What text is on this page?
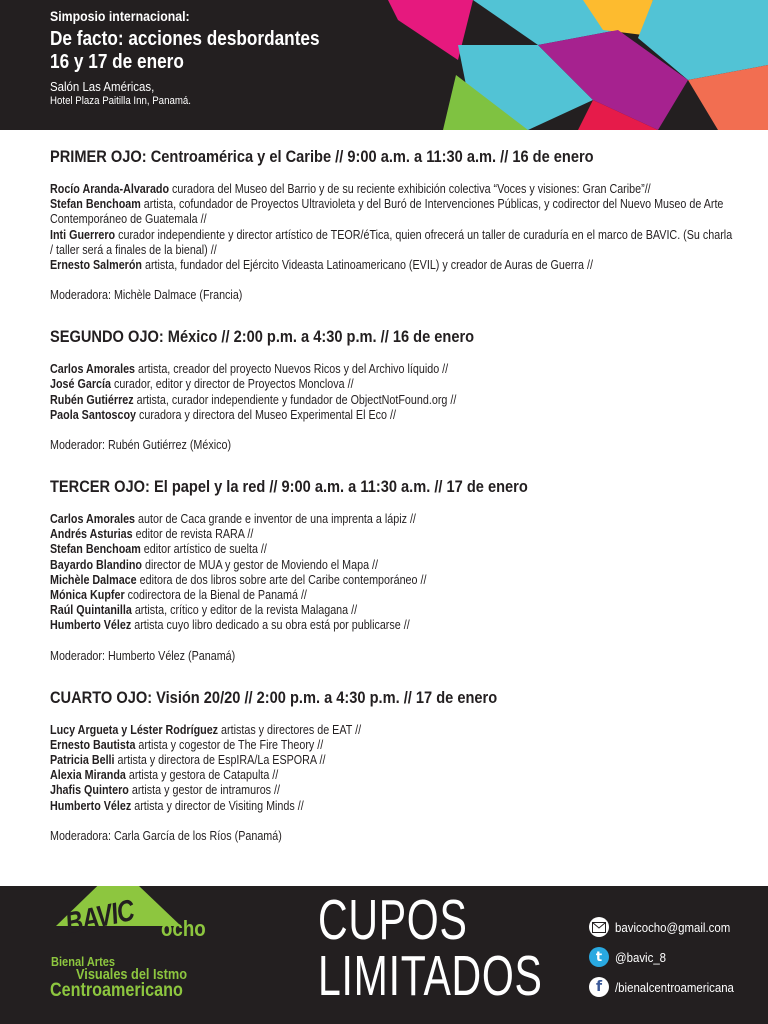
Simposio internacional:
De facto: acciones desbordantes
16 y 17 de enero
Salón Las Américas,
Hotel Plaza Paitilla Inn, Panamá.
PRIMER OJO: Centroamérica y el Caribe // 9:00 a.m. a 11:30 a.m. // 16 de enero

Rocío Aranda-Alvarado curadora del Museo del Barrio y de su reciente exhibición colectiva “Voces y visiones: Gran Caribe”//

Stefan Benchoam artista, cofundador de Proyectos Ultravioleta y del Buró de Intervenciones Públicas, y codirector del Nuevo Museo de Arte Contemporáneo de Guatemala //

Inti Guerrero curador independiente y director artístico de TEOR/éTica, quien ofrecerá un taller de curaduría en el marco de BAVIC. (Su charla / taller será a finales de la bienal) //

Ernesto Salmerón artista, fundador del Ejército Videasta Latinoamericano (EVIL) y creador de Auras de Guerra //

Moderadora: Michèle Dalmace (Francia)
SEGUNDO OJO: México // 2:00 p.m. a 4:30 p.m. // 16 de enero

Carlos Amorales artista, creador del proyecto Nuevos Ricos y del Archivo líquido //

José García curador, editor y director de Proyectos Monclova //

Rubén Gutiérrez artista, curador independiente y fundador de ObjectNotFound.org //

Paola Santoscoy curadora y directora del Museo Experimental El Eco //

Moderador: Rubén Gutiérrez (México)
TERCER OJO: El papel y la red // 9:00 a.m. a 11:30 a.m. // 17 de enero

Carlos Amorales autor de Caca grande e inventor de una imprenta a lápiz //

Andrés Asturias editor de revista RARA //

Stefan Benchoam editor artístico de suelta //

Bayardo Blandino director de MUA y gestor de Moviendo el Mapa //

Michèle Dalmace editora de dos libros sobre arte del Caribe contemporáneo //

Mónica Kupfer codirectora de la Bienal de Panamá //

Raúl Quintanilla artista, crítico y editor de la revista Malagana //

Humberto Vélez artista cuyo libro dedicado a su obra está por publicarse //

Moderador: Humberto Vélez (Panamá)
CUARTO OJO: Visión 20/20 // 2:00 p.m. a 4:30 p.m. // 17 de enero

Lucy Argueta y Léster Rodríguez artistas y directores de EAT //

Ernesto Bautista artista y cogestor de The Fire Theory //

Patricia Belli artista y directora de EspIRA/La ESPORA //

Alexia Miranda artista y gestora de Catapulta //

Jhafis Quintero artista y gestor de intramuros //

Humberto Vélez artista y director de Visiting Minds //

Moderadora: Carla García de los Ríos (Panamá)
BAVIC ocho
Bienal Artes
Visuales del Istmo
Centroamericano
CUPOS
LIMITADOS
bavicocho@gmail.com
t @bavic_8
f /bienalcentroamericana
